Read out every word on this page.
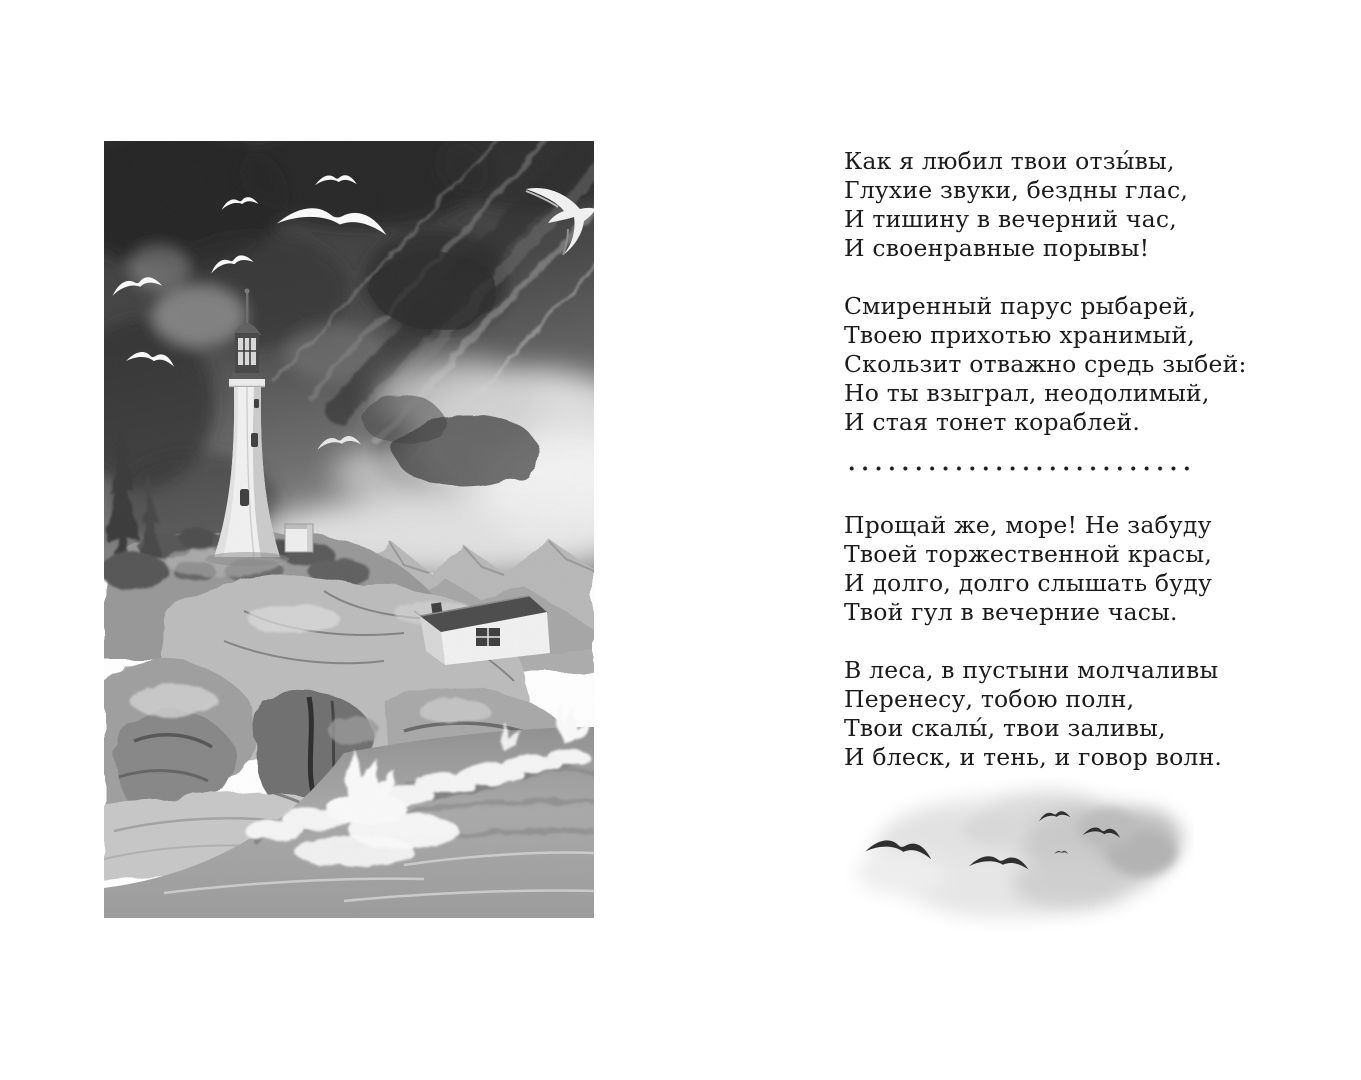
Как я любил твои отзы́вы,
Глухие звуки, бездны глас,
И тишину в вечерний час,
И своенравные порывы!
Смиренный парус рыбарей,
Твоею прихотью хранимый,
Скользит отважно средь зыбей:
Но ты взыграл, неодолимый,
И стая тонет кораблей.
Прощай же, море! Не забуду
Твоей торжественной красы,
И долго, долго слышать буду
Твой гул в вечерние часы.
В леса, в пустыни молчаливы
Перенесу, тобою полн,
Твои скалы́, твои заливы,
И блеск, и тень, и говор волн.
